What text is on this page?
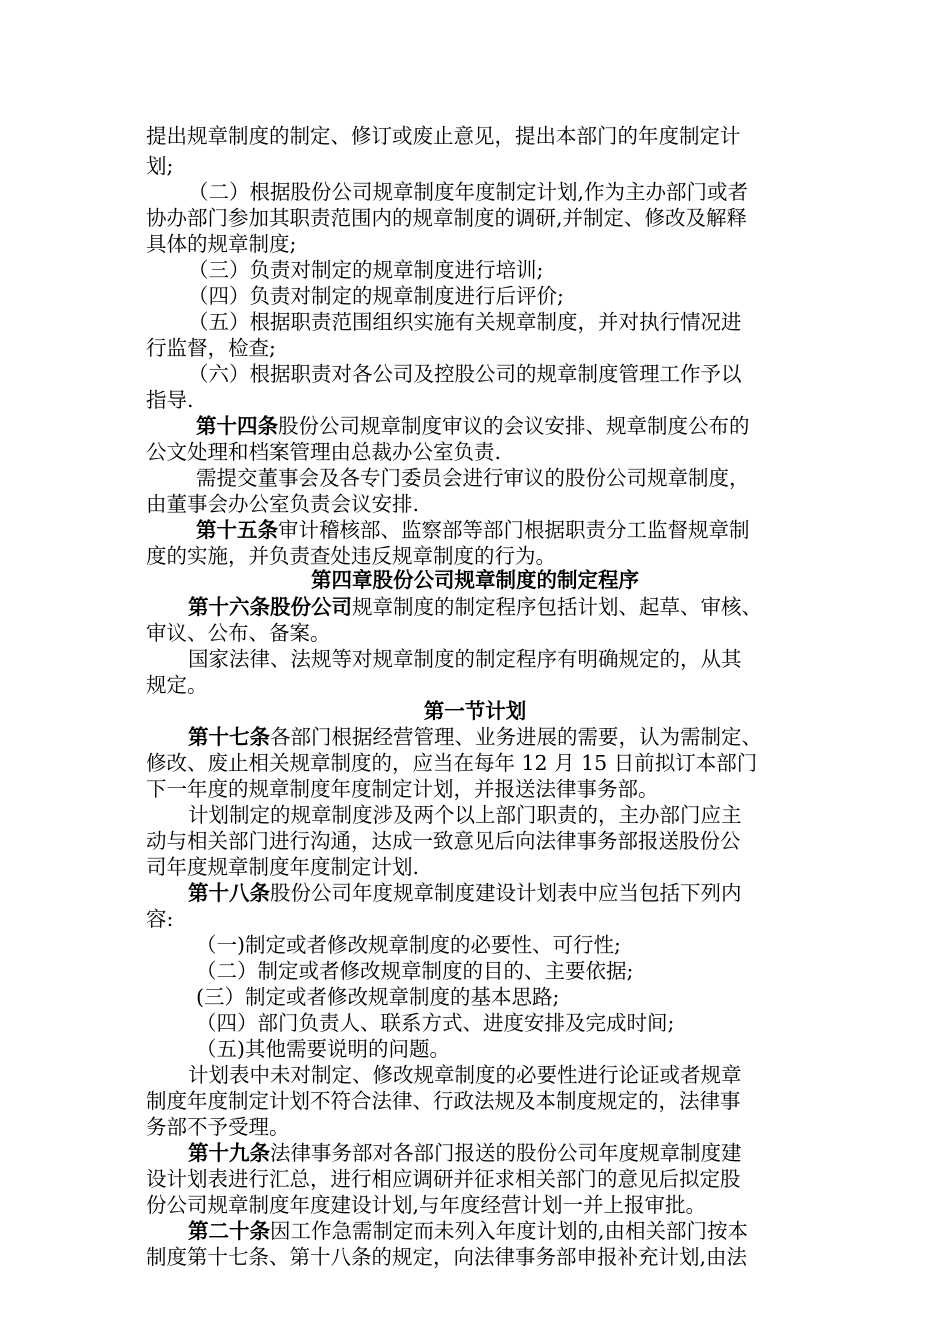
提出规章制度的制定、修订或废止意见，提出本部门的年度制定计
划;
（二）根据股份公司规章制度年度制定计划,作为主办部门或者
协办部门参加其职责范围内的规章制度的调研,并制定、修改及解释
具体的规章制度;
（三）负责对制定的规章制度进行培训;
（四）负责对制定的规章制度进行后评价;
（五）根据职责范围组织实施有关规章制度，并对执行情况进
行监督，检查;
（六）根据职责对各公司及控股公司的规章制度管理工作予以
指导.
第十四条股份公司规章制度审议的会议安排、规章制度公布的
公文处理和档案管理由总裁办公室负责.
需提交董事会及各专门委员会进行审议的股份公司规章制度，
由董事会办公室负责会议安排.
第十五条审计稽核部、监察部等部门根据职责分工监督规章制
度的实施，并负责查处违反规章制度的行为。
第四章股份公司规章制度的制定程序
第十六条股份公司规章制度的制定程序包括计划、起草、审核、
审议、公布、备案。
国家法律、法规等对规章制度的制定程序有明确规定的，从其
规定。
第一节计划
第十七条各部门根据经营管理、业务进展的需要，认为需制定、
修改、废止相关规章制度的，应当在每年 12 月 15 日前拟订本部门
下一年度的规章制度年度制定计划，并报送法律事务部。
计划制定的规章制度涉及两个以上部门职责的，主办部门应主
动与相关部门进行沟通，达成一致意见后向法律事务部报送股份公
司年度规章制度年度制定计划.
第十八条股份公司年度规章制度建设计划表中应当包括下列内
容:
（一)制定或者修改规章制度的必要性、可行性;
（二）制定或者修改规章制度的目的、主要依据;
(三）制定或者修改规章制度的基本思路;
（四）部门负责人、联系方式、进度安排及完成时间;
（五)其他需要说明的问题。
计划表中未对制定、修改规章制度的必要性进行论证或者规章
制度年度制定计划不符合法律、行政法规及本制度规定的，法律事
务部不予受理。
第十九条法律事务部对各部门报送的股份公司年度规章制度建
设计划表进行汇总，进行相应调研并征求相关部门的意见后拟定股
份公司规章制度年度建设计划,与年度经营计划一并上报审批。
第二十条因工作急需制定而未列入年度计划的,由相关部门按本
制度第十七条、第十八条的规定，向法律事务部申报补充计划,由法
